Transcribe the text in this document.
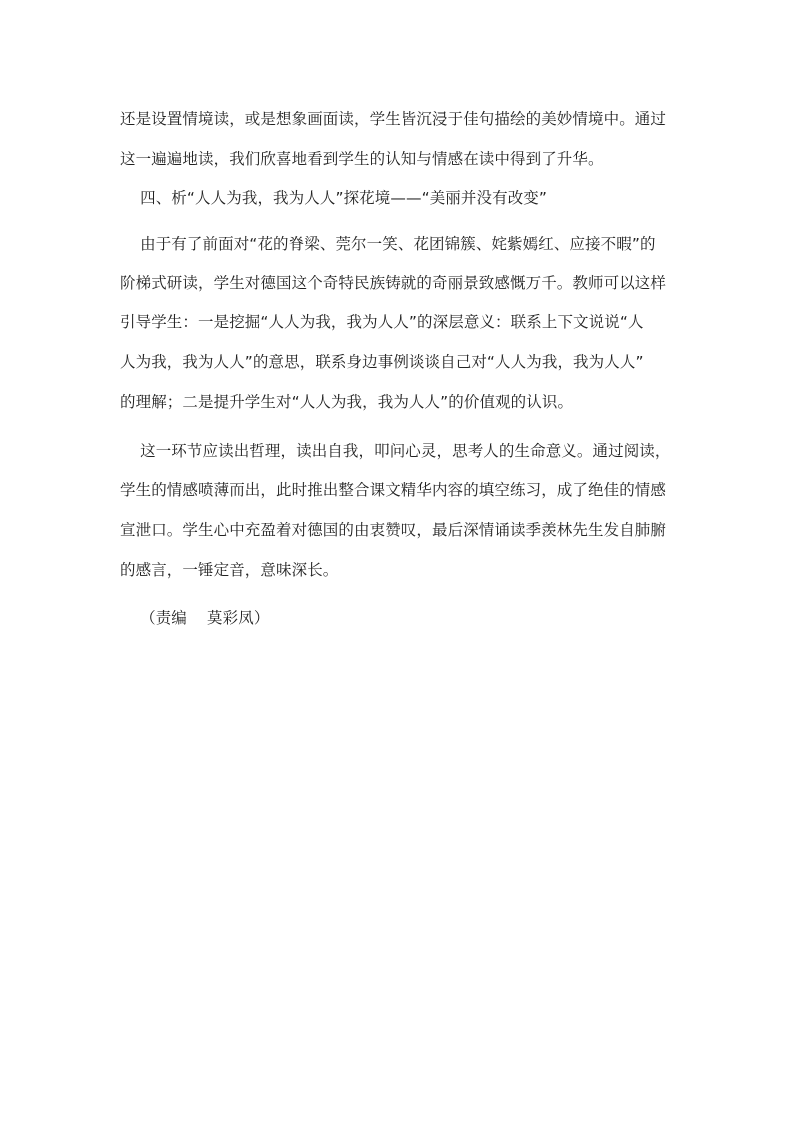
还是设置情境读，或是想象画面读，学生皆沉浸于佳句描绘的美妙情境中。通过
这一遍遍地读，我们欣喜地看到学生的认知与情感在读中得到了升华。
四、析“人人为我，我为人人”探花境——“美丽并没有改变”
由于有了前面对“花的脊梁、莞尔一笑、花团锦簇、姹紫嫣红、应接不暇”的
阶梯式研读，学生对德国这个奇特民族铸就的奇丽景致感慨万千。教师可以这样
引导学生：一是挖掘“人人为我，我为人人”的深层意义：联系上下文说说“人
人为我，我为人人”的意思，联系身边事例谈谈自己对“人人为我，我为人人”
的理解；二是提升学生对“人人为我，我为人人”的价值观的认识。
这一环节应读出哲理，读出自我，叩问心灵，思考人的生命意义。通过阅读，
学生的情感喷薄而出，此时推出整合课文精华内容的填空练习，成了绝佳的情感
宣泄口。学生心中充盈着对德国的由衷赞叹，最后深情诵读季羡林先生发自肺腑
的感言，一锤定音，意味深长。
（责编    莫彩凤）
